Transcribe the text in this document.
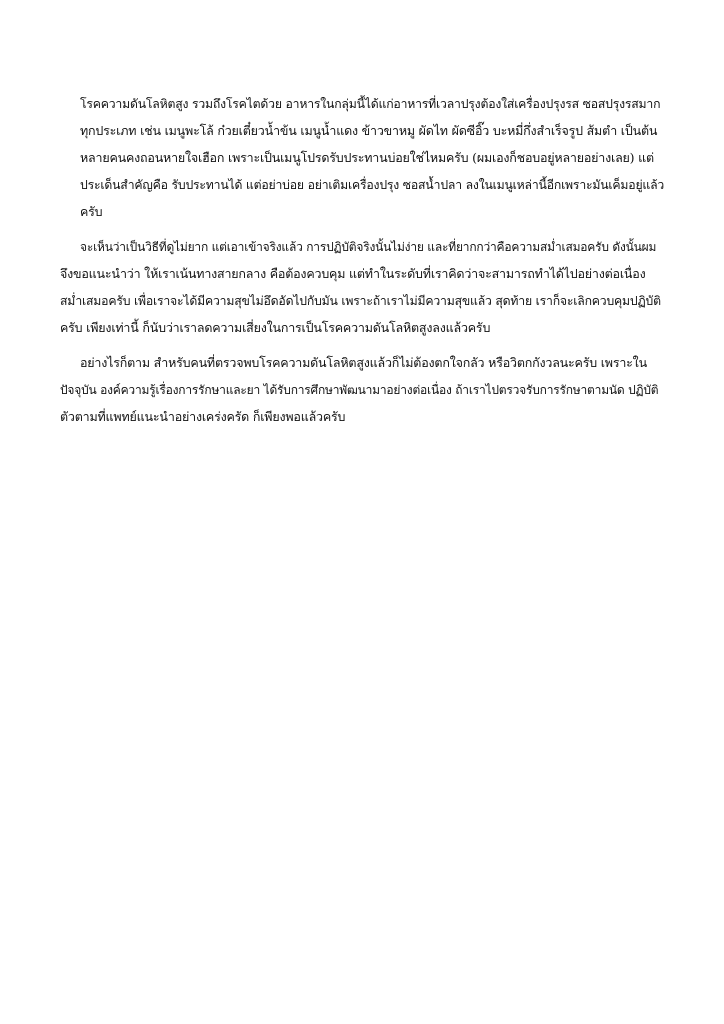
โรคความดันโลหิตสูง รวมถึงโรคไตด้วย อาหารในกลุ่มนี้ได้แก่อาหารที่เวลาปรุงต้องใส่เครื่องปรุงรส ซอสปรุงรสมาก
ทุกประเภท เช่น เมนูพะโล้ ก๋วยเตี๋ยวน้ำข้น เมนูน้ำแดง ข้าวขาหมู ผัดไท ผัดซีอิ๊ว บะหมี่กึ่งสำเร็จรูป ส้มตำ เป็นต้น
หลายคนคงถอนหายใจเฮือก เพราะเป็นเมนูโปรดรับประทานบ่อยใช่ไหมครับ (ผมเองก็ชอบอยู่หลายอย่างเลย) แต่
ประเด็นสำคัญคือ รับประทานได้ แต่อย่าบ่อย อย่าเติมเครื่องปรุง ซอสน้ำปลา ลงในเมนูเหล่านี้อีกเพราะมันเค็มอยู่แล้ว
ครับ
จะเห็นว่าเป็นวิธีที่ดูไม่ยาก แต่เอาเข้าจริงแล้ว การปฏิบัติจริงนั้นไม่ง่าย และที่ยากกว่าคือความสม่ำเสมอครับ ดังนั้นผม
จึงขอแนะนำว่า ให้เราเน้นทางสายกลาง คือต้องควบคุม แต่ทำในระดับที่เราคิดว่าจะสามารถทำได้ไปอย่างต่อเนื่อง
สม่ำเสมอครับ เพื่อเราจะได้มีความสุขไม่อึดอัดไปกับมัน เพราะถ้าเราไม่มีความสุขแล้ว สุดท้าย เราก็จะเลิกควบคุมปฏิบัติ
ครับ เพียงเท่านี้ ก็นับว่าเราลดความเสี่ยงในการเป็นโรคความดันโลหิตสูงลงแล้วครับ
อย่างไรก็ตาม สำหรับคนที่ตรวจพบโรคความดันโลหิตสูงแล้วก็ไม่ต้องตกใจกลัว หรือวิตกกังวลนะครับ เพราะใน
ปัจจุบัน องค์ความรู้เรื่องการรักษาและยา ได้รับการศึกษาพัฒนามาอย่างต่อเนื่อง ถ้าเราไปตรวจรับการรักษาตามนัด ปฏิบัติ
ตัวตามที่แพทย์แนะนำอย่างเคร่งครัด ก็เพียงพอแล้วครับ
